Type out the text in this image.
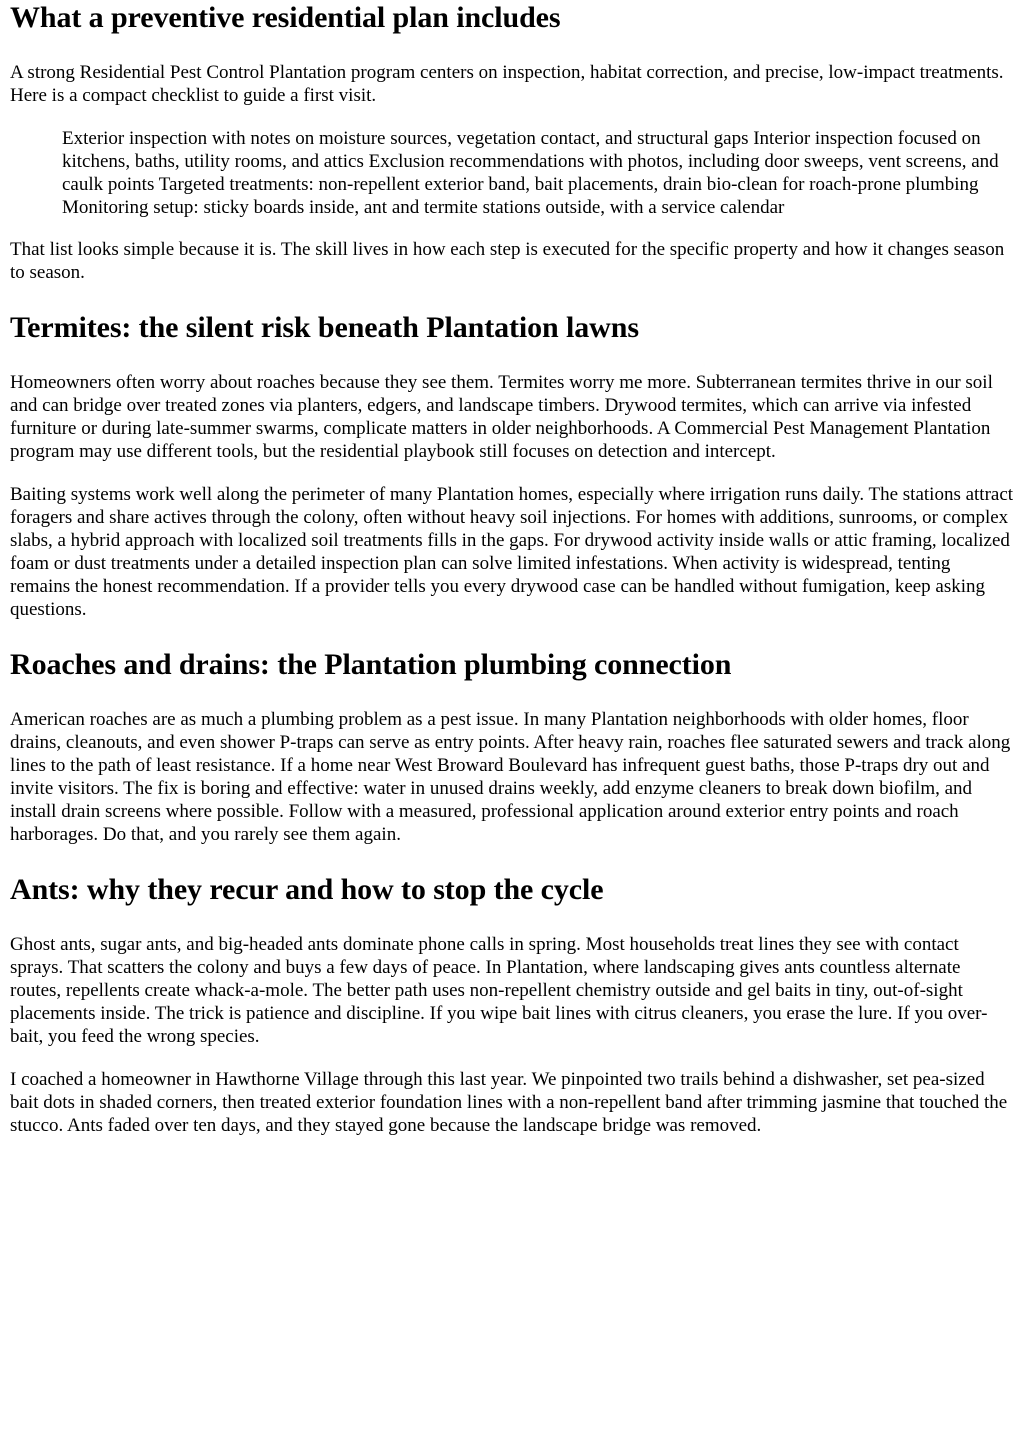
What a preventive residential plan includes

A strong Residential Pest Control Plantation program centers on inspection, habitat correction, and precise, low-impact treatments. Here is a compact checklist to guide a first visit.

Exterior inspection with notes on moisture sources, vegetation contact, and structural gaps Interior inspection focused on kitchens, baths, utility rooms, and attics Exclusion recommendations with photos, including door sweeps, vent screens, and caulk points Targeted treatments: non-repellent exterior band, bait placements, drain bio-clean for roach-prone plumbing Monitoring setup: sticky boards inside, ant and termite stations outside, with a service calendar

That list looks simple because it is. The skill lives in how each step is executed for the specific property and how it changes season to season.

Termites: the silent risk beneath Plantation lawns

Homeowners often worry about roaches because they see them. Termites worry me more. Subterranean termites thrive in our soil and can bridge over treated zones via planters, edgers, and landscape timbers. Drywood termites, which can arrive via infested furniture or during late-summer swarms, complicate matters in older neighborhoods. A Commercial Pest Management Plantation program may use different tools, but the residential playbook still focuses on detection and intercept.

Baiting systems work well along the perimeter of many Plantation homes, especially where irrigation runs daily. The stations attract foragers and share actives through the colony, often without heavy soil injections. For homes with additions, sunrooms, or complex slabs, a hybrid approach with localized soil treatments fills in the gaps. For drywood activity inside walls or attic framing, localized foam or dust treatments under a detailed inspection plan can solve limited infestations. When activity is widespread, tenting remains the honest recommendation. If a provider tells you every drywood case can be handled without fumigation, keep asking questions.

Roaches and drains: the Plantation plumbing connection

American roaches are as much a plumbing problem as a pest issue. In many Plantation neighborhoods with older homes, floor drains, cleanouts, and even shower P-traps can serve as entry points. After heavy rain, roaches flee saturated sewers and track along lines to the path of least resistance. If a home near West Broward Boulevard has infrequent guest baths, those P-traps dry out and invite visitors. The fix is boring and effective: water in unused drains weekly, add enzyme cleaners to break down biofilm, and install drain screens where possible. Follow with a measured, professional application around exterior entry points and roach harborages. Do that, and you rarely see them again.

Ants: why they recur and how to stop the cycle

Ghost ants, sugar ants, and big-headed ants dominate phone calls in spring. Most households treat lines they see with contact sprays. That scatters the colony and buys a few days of peace. In Plantation, where landscaping gives ants countless alternate routes, repellents create whack-a-mole. The better path uses non-repellent chemistry outside and gel baits in tiny, out-of-sight placements inside. The trick is patience and discipline. If you wipe bait lines with citrus cleaners, you erase the lure. If you over-bait, you feed the wrong species.

I coached a homeowner in Hawthorne Village through this last year. We pinpointed two trails behind a dishwasher, set pea-sized bait dots in shaded corners, then treated exterior foundation lines with a non-repellent band after trimming jasmine that touched the stucco. Ants faded over ten days, and they stayed gone because the landscape bridge was removed.
